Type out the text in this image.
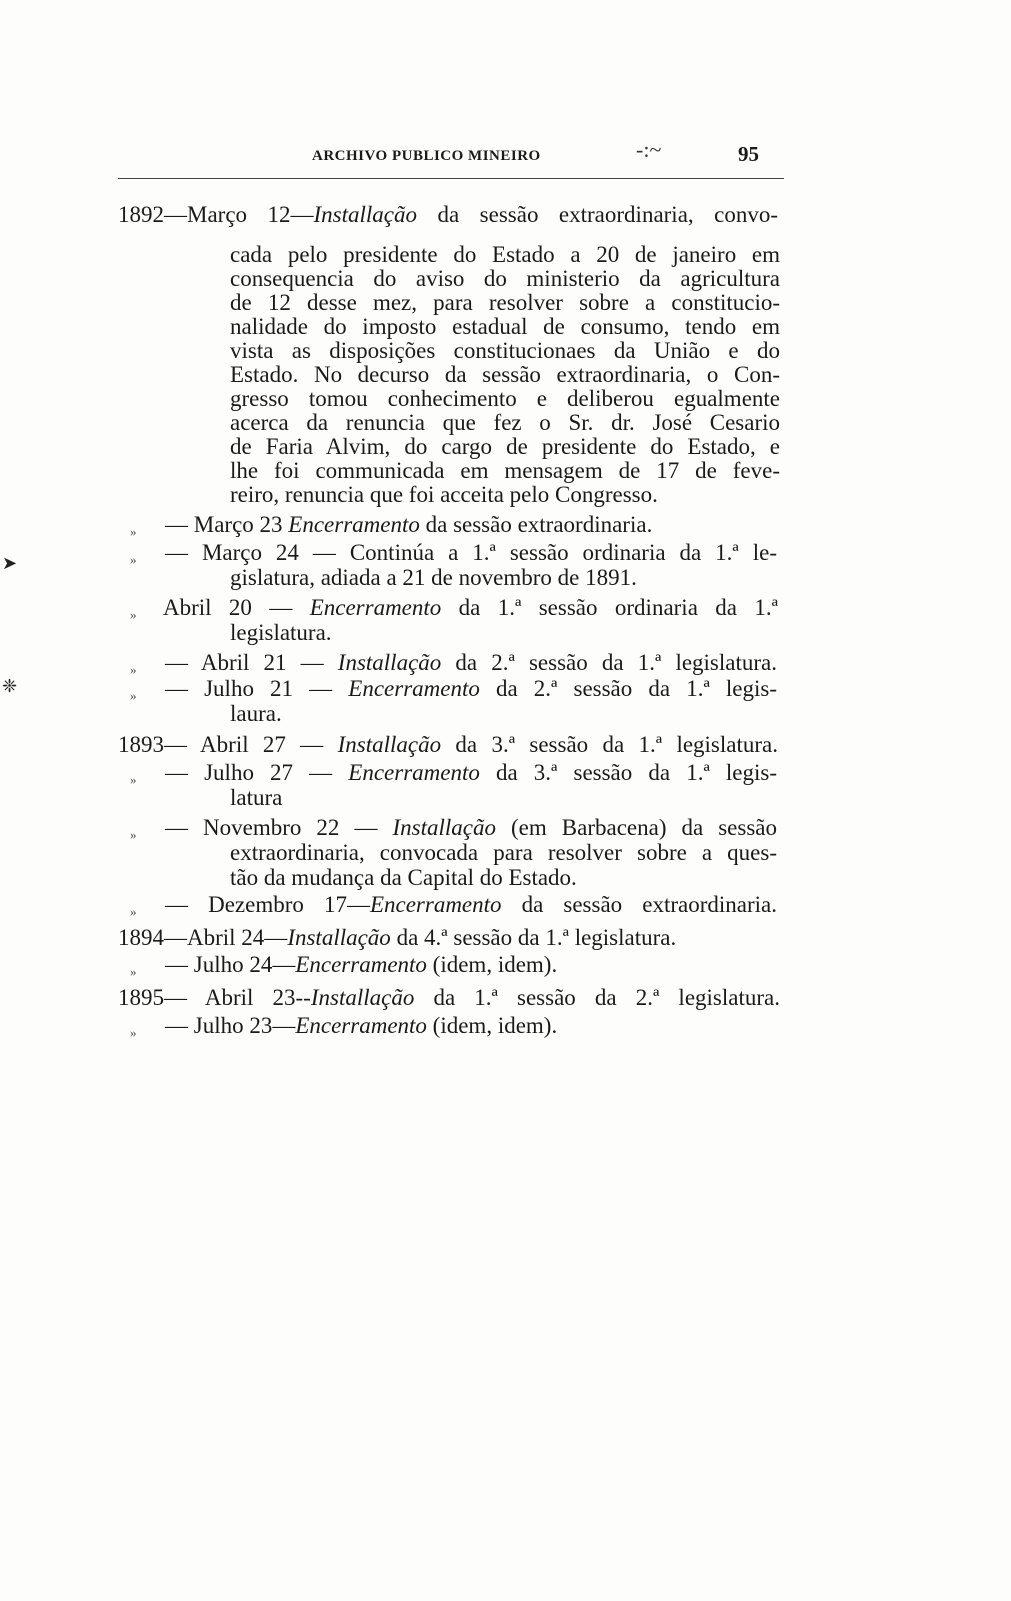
ARCHIVO PUBLICO MINEIRO	-:~	95
➤
❈
1892—Março 12—Installação da sessão extraordinaria, convo-
cada pelo presidente do Estado a 20 de janeiro em
consequencia do aviso do ministerio da agricultura
de 12 desse mez, para resolver sobre a constitucio-
nalidade do imposto estadual de consumo, tendo em
vista as disposições constitucionaes da União e do
Estado. No decurso da sessão extraordinaria, o Con-
gresso tomou conhecimento e deliberou egualmente
acerca da renuncia que fez o Sr. dr. José Cesario
de Faria Alvim, do cargo de presidente do Estado, e
lhe foi communicada em mensagem de 17 de feve-
reiro, renuncia que foi acceita pelo Congresso.
» — Março 23 Encerramento da sessão extraordinaria.
» — Março 24 — Continúa a 1.ª sessão ordinaria da 1.ª le-
gislatura, adiada a 21 de novembro de 1891.
» Abril 20 — Encerramento da 1.ª sessão ordinaria da 1.ª
legislatura.
» — Abril 21 — Installação da 2.ª sessão da 1.ª legislatura.
» — Julho 21 — Encerramento da 2.ª sessão da 1.ª legis-
laura.
1893— Abril 27 — Installação da 3.ª sessão da 1.ª legislatura.
» — Julho 27 — Encerramento da 3.ª sessão da 1.ª legis-
latura
» — Novembro 22 — Installação (em Barbacena) da sessão
extraordinaria, convocada para resolver sobre a ques-
tão da mudança da Capital do Estado.
» — Dezembro 17—Encerramento da sessão extraordinaria.
1894—Abril 24—Installação da 4.ª sessão da 1.ª legislatura.
» — Julho 24—Encerramento (idem, idem).
1895— Abril 23--Installação da 1.ª sessão da 2.ª legislatura.
» — Julho 23—Encerramento (idem, idem).
